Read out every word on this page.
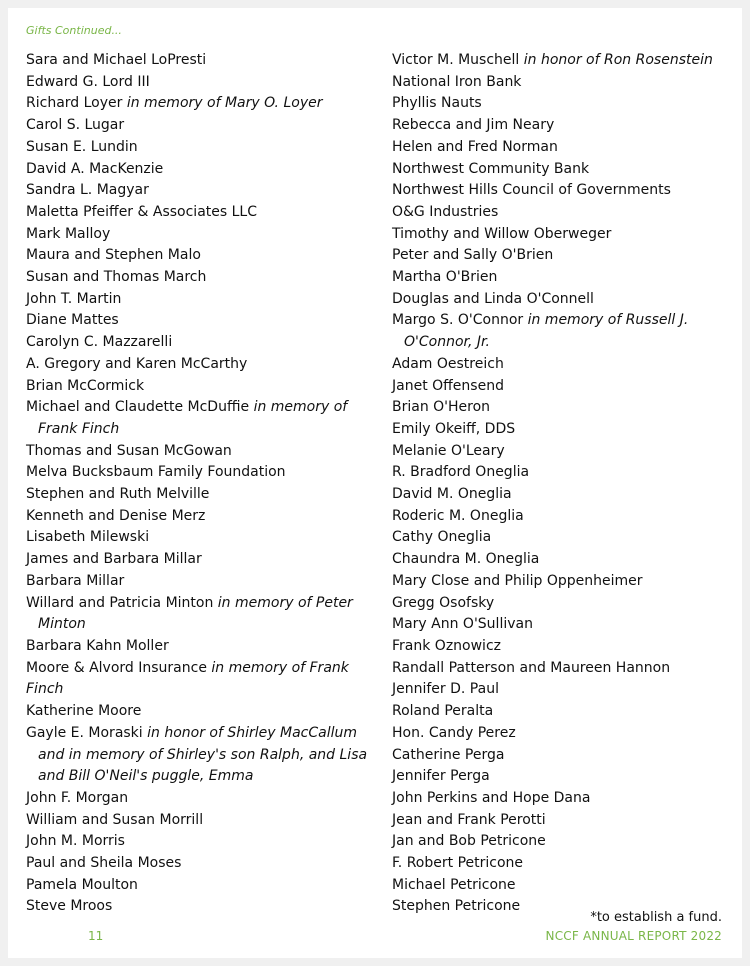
Gifts Continued...
Sara and Michael LoPresti
Edward G. Lord III
Richard Loyer in memory of Mary O. Loyer
Carol S. Lugar
Susan E. Lundin
David A. MacKenzie
Sandra L. Magyar
Maletta Pfeiffer & Associates LLC
Mark Malloy
Maura and Stephen Malo
Susan and Thomas March
John T. Martin
Diane Mattes
Carolyn C. Mazzarelli
A. Gregory and Karen McCarthy
Brian McCormick
Michael and Claudette McDuffie in memory of Frank Finch
Thomas and Susan McGowan
Melva Bucksbaum Family Foundation
Stephen and Ruth Melville
Kenneth and Denise Merz
Lisabeth Milewski
James and Barbara Millar
Barbara Millar
Willard and Patricia Minton in memory of Peter Minton
Barbara Kahn Moller
Moore & Alvord Insurance in memory of Frank Finch
Katherine Moore
Gayle E. Moraski in honor of Shirley MacCallum and in memory of Shirley's son Ralph, and Lisa and Bill O'Neil's puggle, Emma
John F. Morgan
William and Susan Morrill
John M. Morris
Paul and Sheila Moses
Pamela Moulton
Steve Mroos
Victor M. Muschell in honor of Ron Rosenstein
National Iron Bank
Phyllis Nauts
Rebecca and Jim Neary
Helen and Fred Norman
Northwest Community Bank
Northwest Hills Council of Governments
O&G Industries
Timothy and Willow Oberweger
Peter and Sally O'Brien
Martha O'Brien
Douglas and Linda O'Connell
Margo S. O'Connor in memory of Russell J. O'Connor, Jr.
Adam Oestreich
Janet Offensend
Brian O'Heron
Emily Okeiff, DDS
Melanie O'Leary
R. Bradford Oneglia
David M. Oneglia
Roderic M. Oneglia
Cathy Oneglia
Chaundra M. Oneglia
Mary Close and Philip Oppenheimer
Gregg Osofsky
Mary Ann O'Sullivan
Frank Oznowicz
Randall Patterson and Maureen Hannon
Jennifer D. Paul
Roland Peralta
Hon. Candy Perez
Catherine Perga
Jennifer Perga
John Perkins and Hope Dana
Jean and Frank Perotti
Jan and Bob Petricone
F. Robert Petricone
Michael Petricone
Stephen Petricone
*to establish a fund.
11	NCCF ANNUAL REPORT 2022
